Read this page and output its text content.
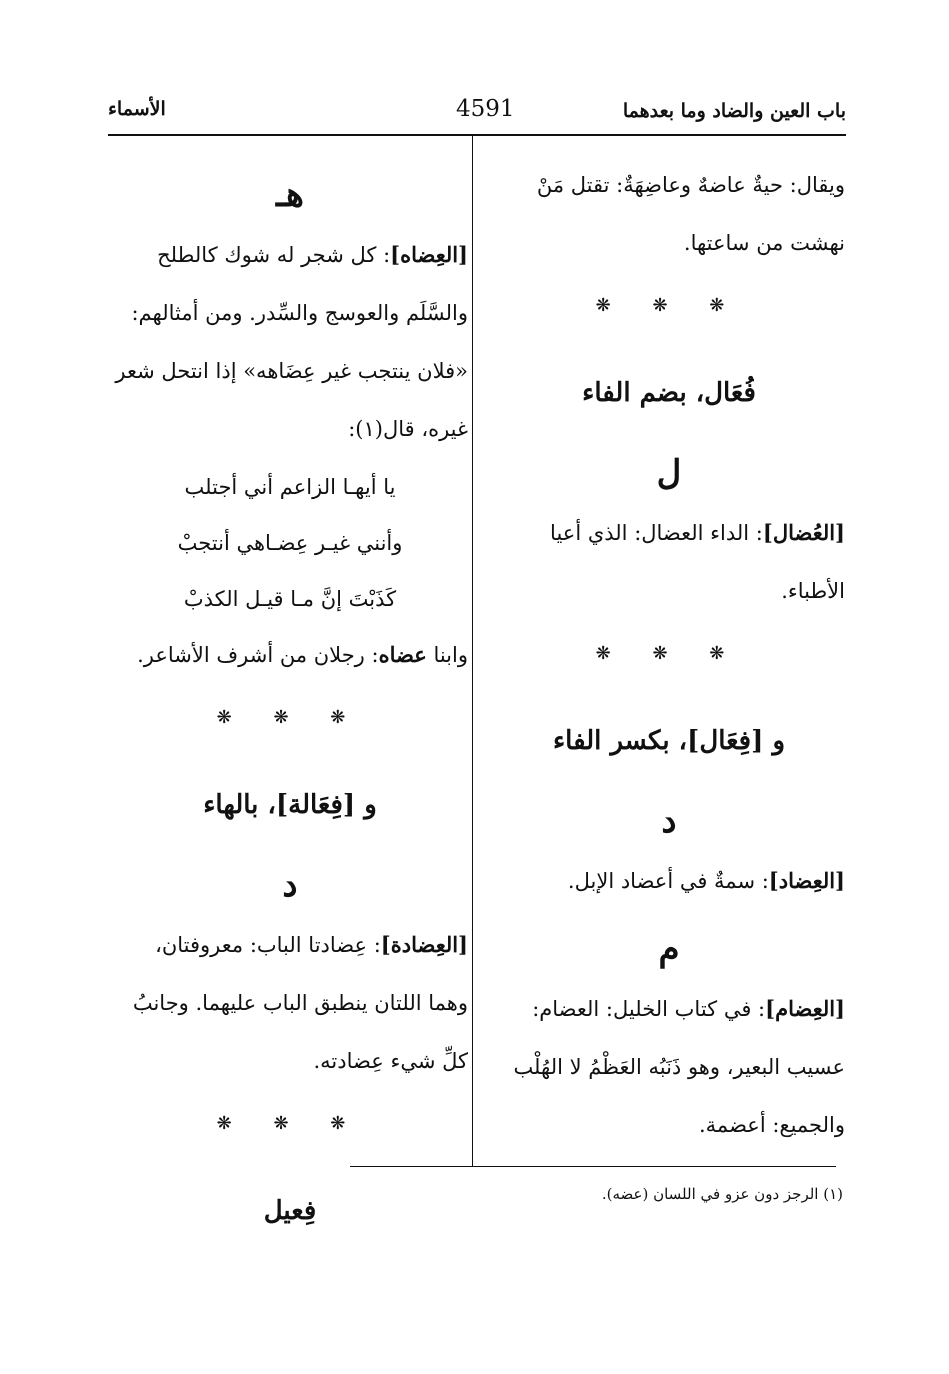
باب العين والضاد وما بعدهما
4591
الأسماء
ويقال: حيةٌ عاضهٌ وعاضِهَةٌ: تقتل مَنْ
نهشت من ساعتها.
❋ ❋ ❋
فُعَال، بضم الفاء
ل
[العُضال]: الداء العضال: الذي أعيا
الأطباء.
❋ ❋ ❋
و [فِعَال]، بكسر الفاء
د
[العِضاد]: سمةٌ في أعضاد الإبل.
م
[العِضام]: في كتاب الخليل: العضام:
عسيب البعير، وهو ذَنَبُه العَظْمُ لا الهُلْب
والجميع: أعضمة.
هـ
[العِضاه]: كل شجر له شوك كالطلح
والسَّلَم والعوسج والسِّدر. ومن أمثالهم:
«فلان ينتجب غير عِضَاهه» إذا انتحل شعر
غيره، قال(١):
يا أيهـا الزاعم أني أجتلب
وأنني غيـر عِضـاهي أنتجبْ
كَذَبْتَ إنَّ مـا قيـل الكذبْ
وابنا عضاه: رجلان من أشرف الأشاعر.
❋ ❋ ❋
و [فِعَالة]، بالهاء
د
[العِضادة]: عِضادتا الباب: معروفتان،
وهما اللتان ينطبق الباب عليهما. وجانبُ
كلِّ شيء عِضادته.
❋ ❋ ❋
فِعيل
(١) الرجز دون عزو في اللسان (عضه).
